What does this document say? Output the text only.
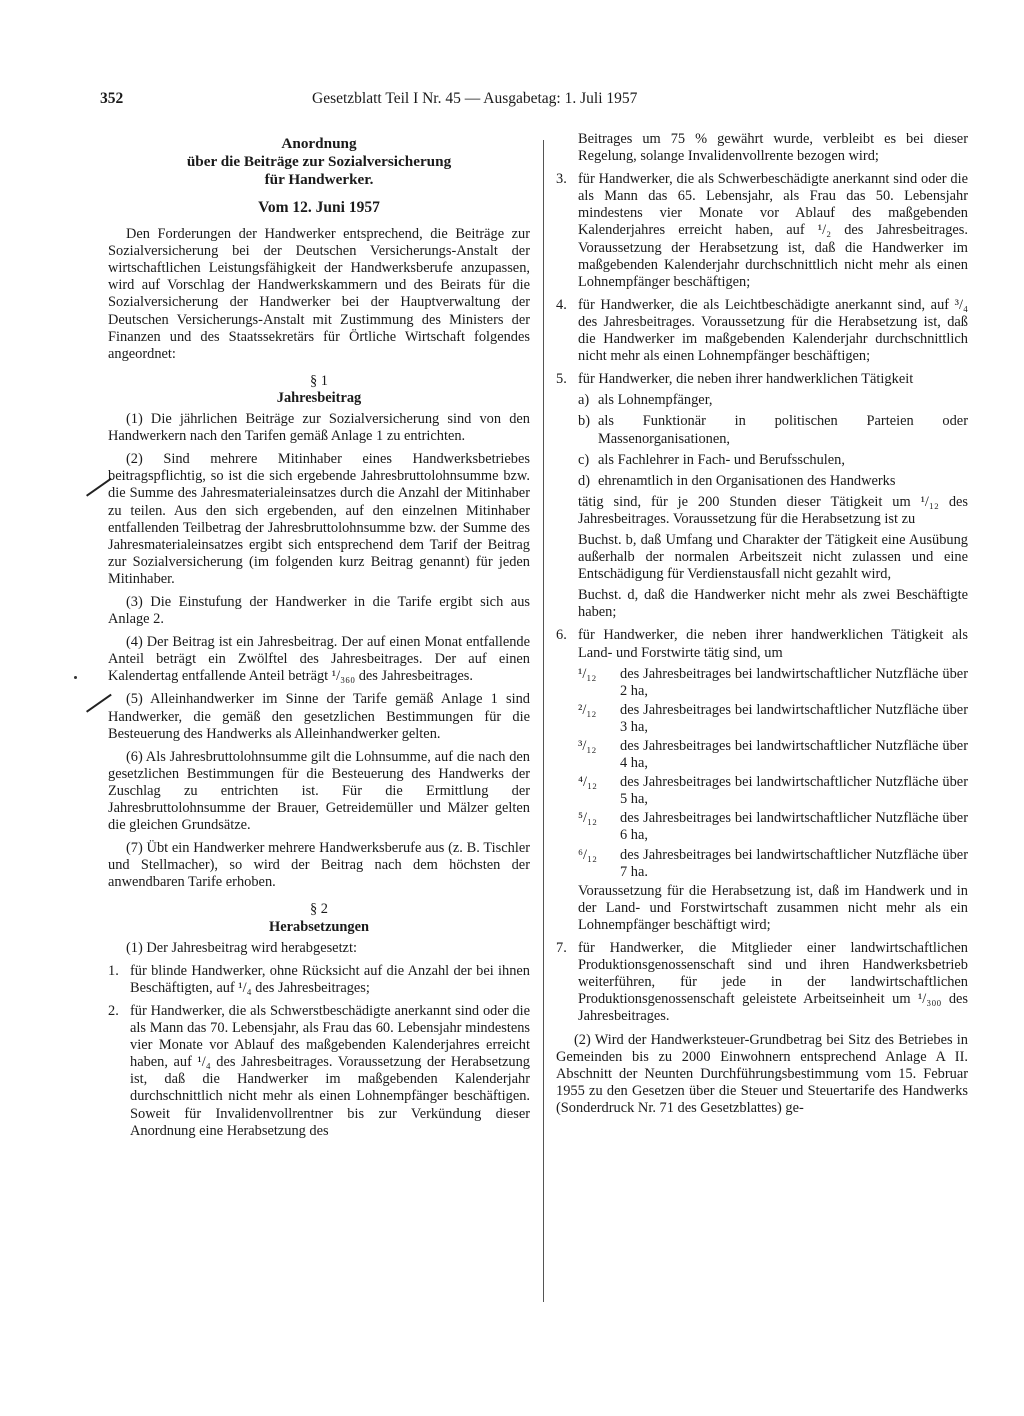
352	Gesetzblatt Teil I Nr. 45 — Ausgabetag: 1. Juli 1957
Anordnung
über die Beiträge zur Sozialversicherung
für Handwerker.
Vom 12. Juni 1957

Den Forderungen der Handwerker entsprechend, die Beiträge zur Sozialversicherung bei der Deutschen Versicherungs-Anstalt der wirtschaftlichen Leistungsfähigkeit der Handwerksberufe anzupassen, wird auf Vorschlag der Handwerkskammern und des Beirats für die Sozialversicherung der Handwerker bei der Hauptverwaltung der Deutschen Versicherungs-Anstalt mit Zustimmung des Ministers der Finanzen und des Staatssekretärs für Örtliche Wirtschaft folgendes angeordnet:

§ 1
Jahresbeitrag

(1) Die jährlichen Beiträge zur Sozialversicherung sind von den Handwerkern nach den Tarifen gemäß Anlage 1 zu entrichten.

(2) Sind mehrere Mitinhaber eines Handwerksbetriebes beitragspflichtig, so ist die sich ergebende Jahresbruttolohnsumme bzw. die Summe des Jahresmaterialeinsatzes durch die Anzahl der Mitinhaber zu teilen. Aus den sich ergebenden, auf den einzelnen Mitinhaber entfallenden Teilbetrag der Jahresbruttolohnsumme bzw. der Summe des Jahresmaterialeinsatzes ergibt sich entsprechend dem Tarif der Beitrag zur Sozialversicherung (im folgenden kurz Beitrag genannt) für jeden Mitinhaber.

(3) Die Einstufung der Handwerker in die Tarife ergibt sich aus Anlage 2.

(4) Der Beitrag ist ein Jahresbeitrag. Der auf einen Monat entfallende Anteil beträgt ein Zwölftel des Jahresbeitrages. Der auf einen Kalendertag entfallende Anteil beträgt ¹/₃₆₀ des Jahresbeitrages.

(5) Alleinhandwerker im Sinne der Tarife gemäß Anlage 1 sind Handwerker, die gemäß den gesetzlichen Bestimmungen für die Besteuerung des Handwerks als Alleinhandwerker gelten.

(6) Als Jahresbruttolohnsumme gilt die Lohnsumme, auf die nach den gesetzlichen Bestimmungen für die Besteuerung des Handwerks der Zuschlag zu entrichten ist. Für die Ermittlung der Jahresbruttolohnsumme der Brauer, Getreidemüller und Mälzer gelten die gleichen Grundsätze.

(7) Übt ein Handwerker mehrere Handwerksberufe aus (z. B. Tischler und Stellmacher), so wird der Beitrag nach dem höchsten der anwendbaren Tarife erhoben.

§ 2
Herabsetzungen

(1) Der Jahresbeitrag wird herabgesetzt:

1. für blinde Handwerker, ohne Rücksicht auf die Anzahl der bei ihnen Beschäftigten, auf ¹/₄ des Jahresbeitrages;
2. für Handwerker, die als Schwerstbeschädigte anerkannt sind oder die als Mann das 70. Lebensjahr, als Frau das 60. Lebensjahr mindestens vier Monate vor Ablauf des maßgebenden Kalenderjahres erreicht haben, auf ¹/₄ des Jahresbeitrages. Voraussetzung der Herabsetzung ist, daß die Handwerker im maßgebenden Kalenderjahr durchschnittlich nicht mehr als einen Lohnempfänger beschäftigen. Soweit für Invalidenvollrentner bis zur Verkündung dieser Anordnung eine Herabsetzung des
Beitrages um 75 % gewährt wurde, verbleibt es bei dieser Regelung, solange Invalidenvollrente bezogen wird;
3. für Handwerker, die als Schwerbeschädigte anerkannt sind oder die als Mann das 65. Lebensjahr, als Frau das 50. Lebensjahr mindestens vier Monate vor Ablauf des maßgebenden Kalenderjahres erreicht haben, auf ¹/₂ des Jahresbeitrages. Voraussetzung der Herabsetzung ist, daß die Handwerker im maßgebenden Kalenderjahr durchschnittlich nicht mehr als einen Lohnempfänger beschäftigen;
4. für Handwerker, die als Leichtbeschädigte anerkannt sind, auf ³/₄ des Jahresbeitrages. Voraussetzung für die Herabsetzung ist, daß die Handwerker im maßgebenden Kalenderjahr durchschnittlich nicht mehr als einen Lohnempfänger beschäftigen;
5. für Handwerker, die neben ihrer handwerklichen Tätigkeit
a) als Lohnempfänger,
b) als Funktionär in politischen Parteien oder Massenorganisationen,
c) als Fachlehrer in Fach- und Berufsschulen,
d) ehrenamtlich in den Organisationen des Handwerks
tätig sind, für je 200 Stunden dieser Tätigkeit um ¹/₁₂ des Jahresbeitrages. Voraussetzung für die Herabsetzung ist zu
Buchst. b, daß Umfang und Charakter der Tätigkeit eine Ausübung außerhalb der normalen Arbeitszeit nicht zulassen und eine Entschädigung für Verdienstausfall nicht gezahlt wird,
Buchst. d, daß die Handwerker nicht mehr als zwei Beschäftigte haben;
6. für Handwerker, die neben ihrer handwerklichen Tätigkeit als Land- und Forstwirte tätig sind, um
¹/₁₂ des Jahresbeitrages bei landwirtschaftlicher Nutzfläche über 2 ha,
²/₁₂ des Jahresbeitrages bei landwirtschaftlicher Nutzfläche über 3 ha,
³/₁₂ des Jahresbeitrages bei landwirtschaftlicher Nutzfläche über 4 ha,
⁴/₁₂ des Jahresbeitrages bei landwirtschaftlicher Nutzfläche über 5 ha,
⁵/₁₂ des Jahresbeitrages bei landwirtschaftlicher Nutzfläche über 6 ha,
⁶/₁₂ des Jahresbeitrages bei landwirtschaftlicher Nutzfläche über 7 ha.
Voraussetzung für die Herabsetzung ist, daß im Handwerk und in der Land- und Forstwirtschaft zusammen nicht mehr als ein Lohnempfänger beschäftigt wird;
7. für Handwerker, die Mitglieder einer landwirtschaftlichen Produktionsgenossenschaft sind und ihren Handwerksbetrieb weiterführen, für jede in der landwirtschaftlichen Produktionsgenossenschaft geleistete Arbeitseinheit um ¹/₃₀₀ des Jahresbeitrages.

(2) Wird der Handwerksteuer-Grundbetrag bei Sitz des Betriebes in Gemeinden bis zu 2000 Einwohnern entsprechend Anlage A II. Abschnitt der Neunten Durchführungsbestimmung vom 15. Februar 1955 zu den Gesetzen über die Steuer und Steuertarife des Handwerks (Sonderdruck Nr. 71 des Gesetzblattes) ge-
